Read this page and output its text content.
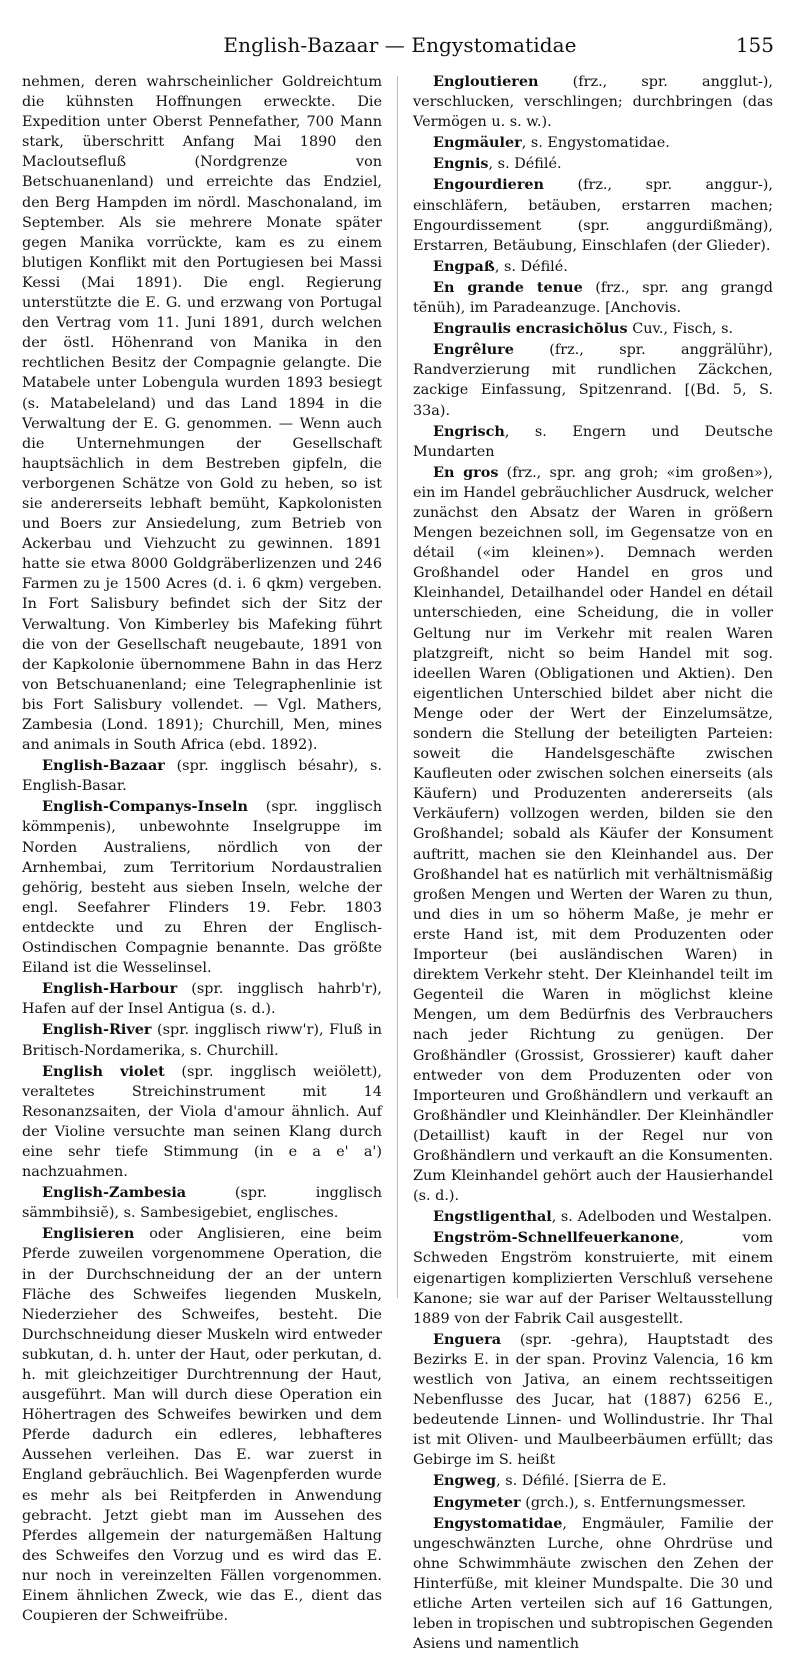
English-Bazaar — Engystomatidae	155

nehmen, deren wahrscheinlicher Goldreichtum die kühnsten Hoffnungen erweckte. Die Expedition unter Oberst Pennefather, 700 Mann stark, überschritt Anfang Mai 1890 den Macloutsefluß (Nordgrenze von Betschuanenland) und erreichte das Endziel, den Berg Hampden im nördl. Maschonaland, im September. Als sie mehrere Monate später gegen Manika vorrückte, kam es zu einem blutigen Konflikt mit den Portugiesen bei Massi Kessi (Mai 1891). Die engl. Regierung unterstützte die E. G. und erzwang von Portugal den Vertrag vom 11. Juni 1891, durch welchen der östl. Höhenrand von Manika in den rechtlichen Besitz der Compagnie gelangte. Die Matabele unter Lobengula wurden 1893 besiegt (s. Matabeleland) und das Land 1894 in die Verwaltung der E. G. genommen. — Wenn auch die Unternehmungen der Gesellschaft hauptsächlich in dem Bestreben gipfeln, die verborgenen Schätze von Gold zu heben, so ist sie andererseits lebhaft bemüht, Kapkolonisten und Boers zur Ansiedelung, zum Betrieb von Ackerbau und Viehzucht zu gewinnen. 1891 hatte sie etwa 8000 Goldgräberlizenzen und 246 Farmen zu je 1500 Acres (d. i. 6 qkm) vergeben. In Fort Salisbury befindet sich der Sitz der Verwaltung. Von Kimberley bis Mafeking führt die von der Gesellschaft neugebaute, 1891 von der Kapkolonie übernommene Bahn in das Herz von Betschuanenland; eine Telegraphenlinie ist bis Fort Salisbury vollendet. — Vgl. Mathers, Zambesia (Lond. 1891); Churchill, Men, mines and animals in South Africa (ebd. 1892).

English-Bazaar (spr. ingglisch bésahr), s. English-Basar.

English-Companys-Inseln (spr. ingglisch kömmpenis), unbewohnte Inselgruppe im Norden Australiens, nördlich von der Arnhembai, zum Territorium Nordaustralien gehörig, besteht aus sieben Inseln, welche der engl. Seefahrer Flinders 19. Febr. 1803 entdeckte und zu Ehren der Englisch-Ostindischen Compagnie benannte. Das größte Eiland ist die Wesselinsel.

English-Harbour (spr. ingglisch hahrb'r), Hafen auf der Insel Antigua (s. d.).

English-River (spr. ingglisch riww'r), Fluß in Britisch-Nordamerika, s. Churchill.

English violet (spr. ingglisch weiölett), veraltetes Streichinstrument mit 14 Resonanzsaiten, der Viola d'amour ähnlich. Auf der Violine versuchte man seinen Klang durch eine sehr tiefe Stimmung (in e a e' a') nachzuahmen.

English-Zambesia (spr. ingglisch sämmbihsiĕ), s. Sambesigebiet, englisches.

Englisieren oder Anglisieren, eine beim Pferde zuweilen vorgenommene Operation, die in der Durchschneidung der an der untern Fläche des Schweifes liegenden Muskeln, Niederzieher des Schweifes, besteht. Die Durchschneidung dieser Muskeln wird entweder subkutan, d. h. unter der Haut, oder perkutan, d. h. mit gleichzeitiger Durchtrennung der Haut, ausgeführt. Man will durch diese Operation ein Höhertragen des Schweifes bewirken und dem Pferde dadurch ein edleres, lebhafteres Aussehen verleihen. Das E. war zuerst in England gebräuchlich. Bei Wagenpferden wurde es mehr als bei Reitpferden in Anwendung gebracht. Jetzt giebt man im Aussehen des Pferdes allgemein der naturgemäßen Haltung des Schweifes den Vorzug und es wird das E. nur noch in vereinzelten Fällen vorgenommen. Einem ähnlichen Zweck, wie das E., dient das Coupieren der Schweifrübe.

Engloutieren (frz., spr. angglut-), verschlucken, verschlingen; durchbringen (das Vermögen u. s. w.).

Engmäuler, s. Engystomatidae.

Engnis, s. Défilé.

Engourdieren (frz., spr. anggur-), einschläfern, betäuben, erstarren machen; Engourdissement (spr. anggurdißmäng), Erstarren, Betäubung, Einschlafen (der Glieder).

Engpaß, s. Défilé.

En grande tenue (frz., spr. ang grangd tĕnüh), im Paradeanzuge. [Anchovis.

Engraulis encrasichŏlus Cuv., Fisch, s.

Engrêlure (frz., spr. anggrälühr), Randverzierung mit rundlichen Zäckchen, zackige Einfassung, Spitzenrand. [(Bd. 5, S. 33a).

Engrisch, s. Engern und Deutsche Mundarten

En gros (frz., spr. ang groh; «im großen»), ein im Handel gebräuchlicher Ausdruck, welcher zunächst den Absatz der Waren in größern Mengen bezeichnen soll, im Gegensatze von en détail («im kleinen»). Demnach werden Großhandel oder Handel en gros und Kleinhandel, Detailhandel oder Handel en détail unterschieden, eine Scheidung, die in voller Geltung nur im Verkehr mit realen Waren platzgreift, nicht so beim Handel mit sog. ideellen Waren (Obligationen und Aktien). Den eigentlichen Unterschied bildet aber nicht die Menge oder der Wert der Einzelumsätze, sondern die Stellung der beteiligten Parteien: soweit die Handelsgeschäfte zwischen Kaufleuten oder zwischen solchen einerseits (als Käufern) und Produzenten andererseits (als Verkäufern) vollzogen werden, bilden sie den Großhandel; sobald als Käufer der Konsument auftritt, machen sie den Kleinhandel aus. Der Großhandel hat es natürlich mit verhältnismäßig großen Mengen und Werten der Waren zu thun, und dies in um so höherm Maße, je mehr er erste Hand ist, mit dem Produzenten oder Importeur (bei ausländischen Waren) in direktem Verkehr steht. Der Kleinhandel teilt im Gegenteil die Waren in möglichst kleine Mengen, um dem Bedürfnis des Verbrauchers nach jeder Richtung zu genügen. Der Großhändler (Grossist, Grossierer) kauft daher entweder von dem Produzenten oder von Importeuren und Großhändlern und verkauft an Großhändler und Kleinhändler. Der Kleinhändler (Detaillist) kauft in der Regel nur von Großhändlern und verkauft an die Konsumenten. Zum Kleinhandel gehört auch der Hausierhandel (s. d.).

Engstligenthal, s. Adelboden und Westalpen.

Engström-Schnellfeuerkanone, vom Schweden Engström konstruierte, mit einem eigenartigen komplizierten Verschluß versehene Kanone; sie war auf der Pariser Weltausstellung 1889 von der Fabrik Cail ausgestellt.

Enguera (spr. -gehra), Hauptstadt des Bezirks E. in der span. Provinz Valencia, 16 km westlich von Jativa, an einem rechtsseitigen Nebenflusse des Jucar, hat (1887) 6256 E., bedeutende Linnen- und Wollindustrie. Ihr Thal ist mit Oliven- und Maulbeerbäumen erfüllt; das Gebirge im S. heißt

Engweg, s. Défilé. [Sierra de E.

Engymeter (grch.), s. Entfernungsmesser.

Engystomatidae, Engmäuler, Familie der ungeschwänzten Lurche, ohne Ohrdrüse und ohne Schwimmhäute zwischen den Zehen der Hinterfüße, mit kleiner Mundspalte. Die 30 und etliche Arten verteilen sich auf 16 Gattungen, leben in tropischen und subtropischen Gegenden Asiens und namentlich
